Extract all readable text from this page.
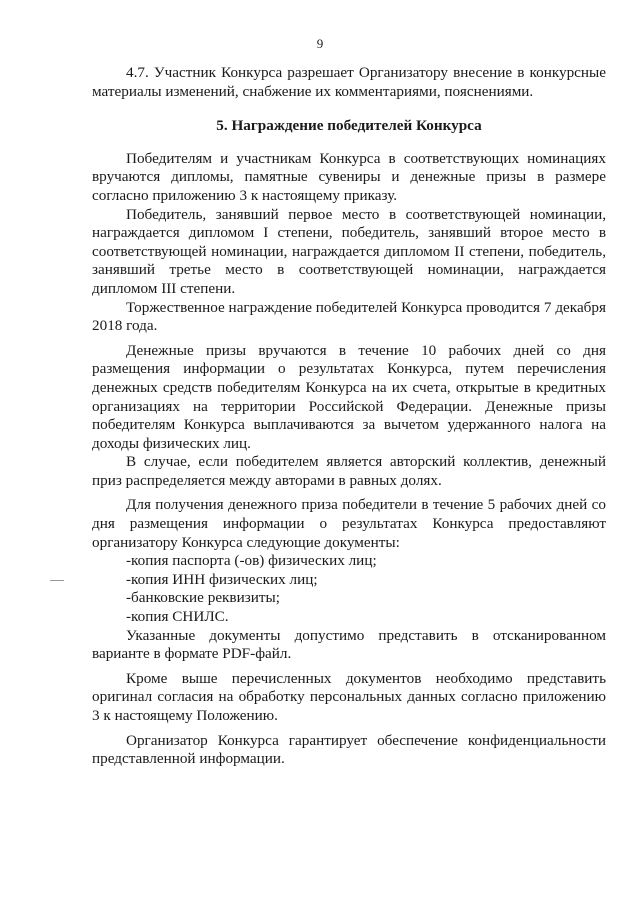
9

4.7. Участник Конкурса разрешает Организатору внесение в конкурсные материалы изменений, снабжение их комментариями, пояснениями.

5. Награждение победителей Конкурса

Победителям и участникам Конкурса в соответствующих номинациях вручаются дипломы, памятные сувениры и денежные призы в размере согласно приложению 3 к настоящему приказу.

Победитель, занявший первое место в соответствующей номинации, награждается дипломом I степени, победитель, занявший второе место в соответствующей номинации, награждается дипломом II степени, победитель, занявший третье место в соответствующей номинации, награждается дипломом III степени.

Торжественное награждение победителей Конкурса проводится 7 декабря 2018 года.

Денежные призы вручаются в течение 10 рабочих дней со дня размещения информации о результатах Конкурса, путем перечисления денежных средств победителям Конкурса на их счета, открытые в кредитных организациях на территории Российской Федерации. Денежные призы победителям Конкурса выплачиваются за вычетом удержанного налога на доходы физических лиц.

В случае, если победителем является авторский коллектив, денежный приз распределяется между авторами в равных долях.

Для получения денежного приза победители в течение 5 рабочих дней со дня размещения информации о результатах Конкурса предоставляют организатору Конкурса следующие документы:

-копия паспорта (-ов) физических лиц;
-копия ИНН физических лиц;
-банковские реквизиты;
-копия СНИЛС.

Указанные документы допустимо представить в отсканированном варианте в формате PDF-файл.

Кроме выше перечисленных документов необходимо представить оригинал согласия на обработку персональных данных согласно приложению 3 к настоящему Положению.

Организатор Конкурса гарантирует обеспечение конфиденциальности представленной информации.
